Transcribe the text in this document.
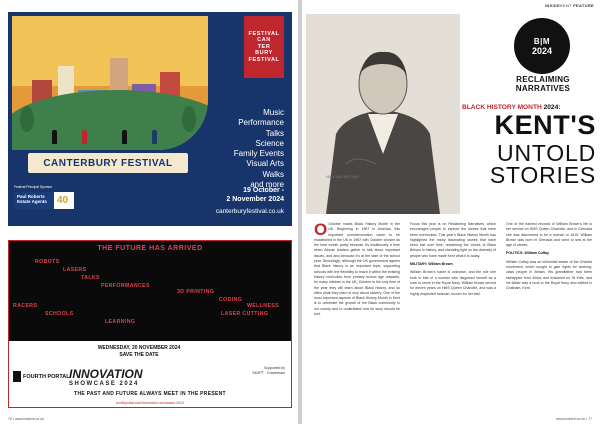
FESTIVAL
CAN
TER
BURY
FESTIVAL
Music
Performance
Talks
Science
Family Events
Visual Arts
Walks
and more
CANTERBURY FESTIVAL
Festival Principal Sponsor
Paul Roberts
Estate Agents	40
19 October -
2 November 2024
canterburyfestival.co.uk
THE FUTURE HAS ARRIVED
ROBOTS
LASERS
TALKS
PERFORMANCES
3D PRINTING
CODING
WELLNESS
RACERS
LASER CUTTING
SCHOOLS
LEARNING
WEDNESDAY, 20 NOVEMBER 2024
SAVE THE DATE
FOURTH PORTAL INNOVATION
SHOWCASE 2024
Supported by
SKSPT · Gravesham
THE PAST AND FUTURE ALWAYS MEET IN THE PRESENT
fourthportal.com/innovation-showcase-2024
76 • www.inskent.co.uk
INSIDEKENT FEATURE
WILLIAM BROWN
B|M
2024
RECLAIMING NARRATIVES
BLACK HISTORY MONTH 2024:
KENT'S
UNTOLD STORIES

O October marks Black History Month in the UK. Beginning in 1987 in America, this important commemoration came to be established in the UK in 1987 with October chosen as the best month partly because it's traditionally a time when African leaders gather to talk about important issues, and also because it's at the start of the school year. Shockingly, although the UK government agrees that Black history is an important topic, supporting schools with the flexibility to teach it within the existing history curriculum from primary school age onwards, for many children in the UK, October is the only time of the year they will learn about Black history, and so often what they learn is only about slavery. One of the most important aspects of Black History Month in Kent is to celebrate the growth of the Black community in our county and to understand how its story should be told.

Focus this year is on Reclaiming Narratives, which encourages people to explore the stories that have been overlooked. This year's Black History Month has highlighted the many fascinating stories that have been lost over time, reclaiming the voices of Black Britons in history, and shedding light on the diversity of people who have made Kent what it is today.

MILITARY: William Brown

William Brown's name is unknown, and the role she took is that of a woman who disguised herself as a man to serve in the Royal Navy. William Brown served for eleven years on HMS Queen Charlotte, and was a highly respected seaman, known for her skill.

One of the earliest records of William Brown's life is her service on HMS Queen Charlotte, and in Grenada she was discovered to be a woman in 1815. William Brown was born in Grenada and went to sea at the age of eleven.

POLITICS: William Cuffay

William Cuffay was an influential leader of the Chartist movement, which sought to gain rights for working-class people in Britain. His grandfather had been kidnapped from Africa and enslaved on St Kitts, and his father was a cook in the Royal Navy who settled in Chatham, Kent.

www.inskent.co.uk • 77
